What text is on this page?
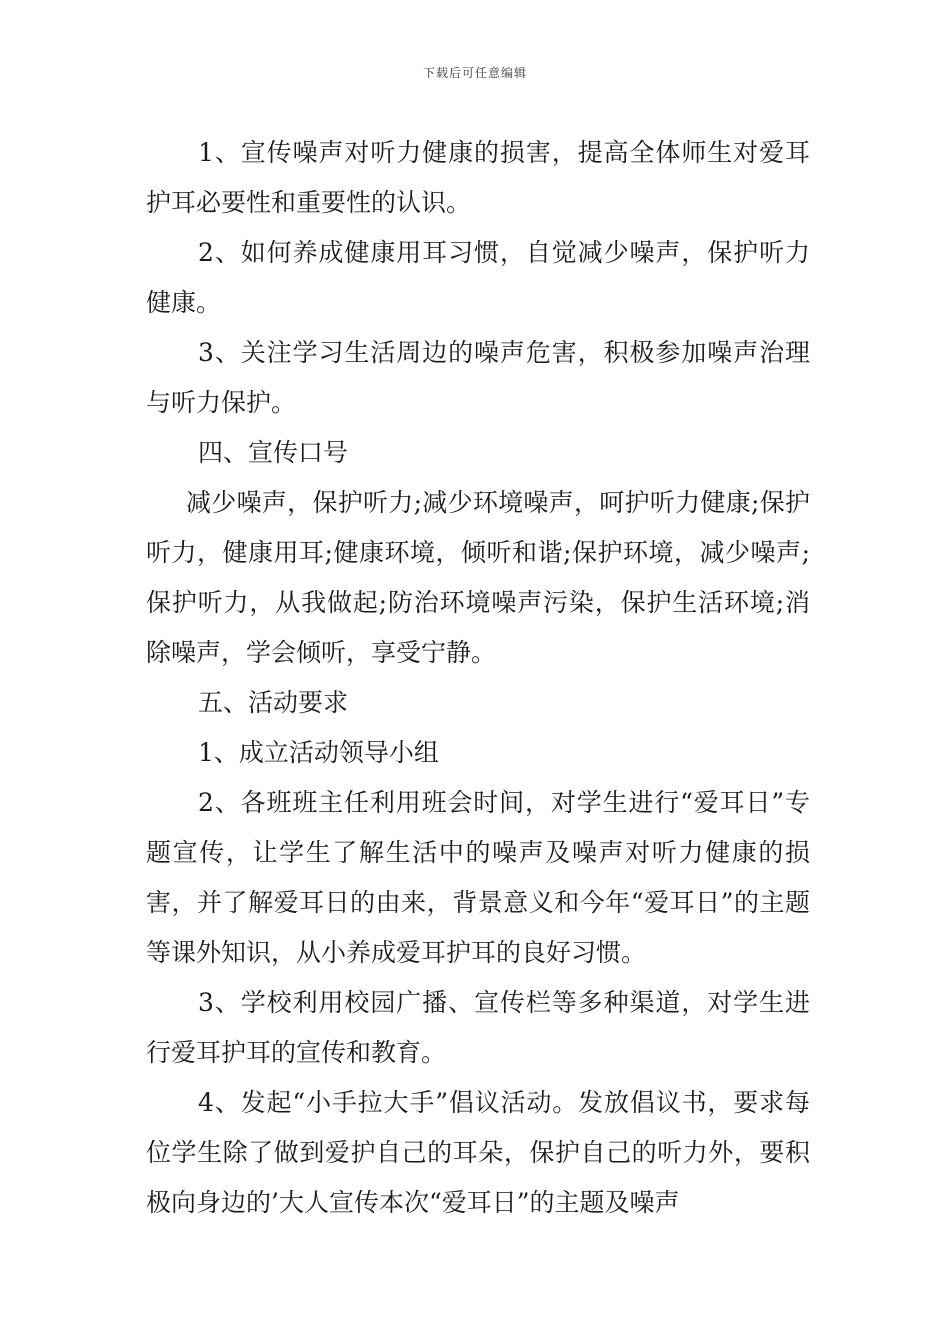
下载后可任意编辑

1、宣传噪声对听力健康的损害，提高全体师生对爱耳护耳必要性和重要性的认识。

2、如何养成健康用耳习惯，自觉减少噪声，保护听力健康。

3、关注学习生活周边的噪声危害，积极参加噪声治理与听力保护。

四、宣传口号

减少噪声，保护听力;减少环境噪声，呵护听力健康;保护听力，健康用耳;健康环境，倾听和谐;保护环境，减少噪声;保护听力，从我做起;防治环境噪声污染，保护生活环境;消除噪声，学会倾听，享受宁静。

五、活动要求

1、成立活动领导小组

2、各班班主任利用班会时间，对学生进行“爱耳日”专题宣传，让学生了解生活中的噪声及噪声对听力健康的损害，并了解爱耳日的由来，背景意义和今年“爱耳日”的主题等课外知识，从小养成爱耳护耳的良好习惯。

3、学校利用校园广播、宣传栏等多种渠道，对学生进行爱耳护耳的宣传和教育。

4、发起“小手拉大手”倡议活动。发放倡议书，要求每位学生除了做到爱护自己的耳朵，保护自己的听力外，要积极向身边的’大人宣传本次“爱耳日”的主题及噪声
